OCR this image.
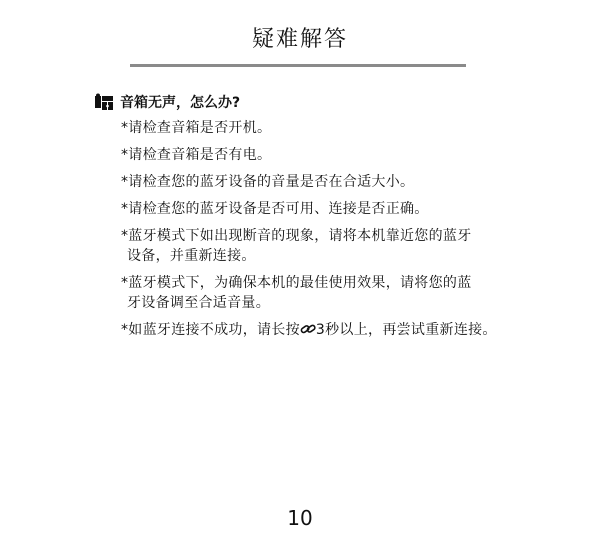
疑难解答
音箱无声，怎么办?
*请检查音箱是否开机。
*请检查音箱是否有电。
*请检查您的蓝牙设备的音量是否在合适大小。
*请检查您的蓝牙设备是否可用、连接是否正确。
*蓝牙模式下如出现断音的现象，请将本机靠近您的蓝牙
设备，并重新连接。
*蓝牙模式下，为确保本机的最佳使用效果，请将您的蓝
牙设备调至合适音量。
*如蓝牙连接不成功，请长按 3秒以上，再尝试重新连接。
10
